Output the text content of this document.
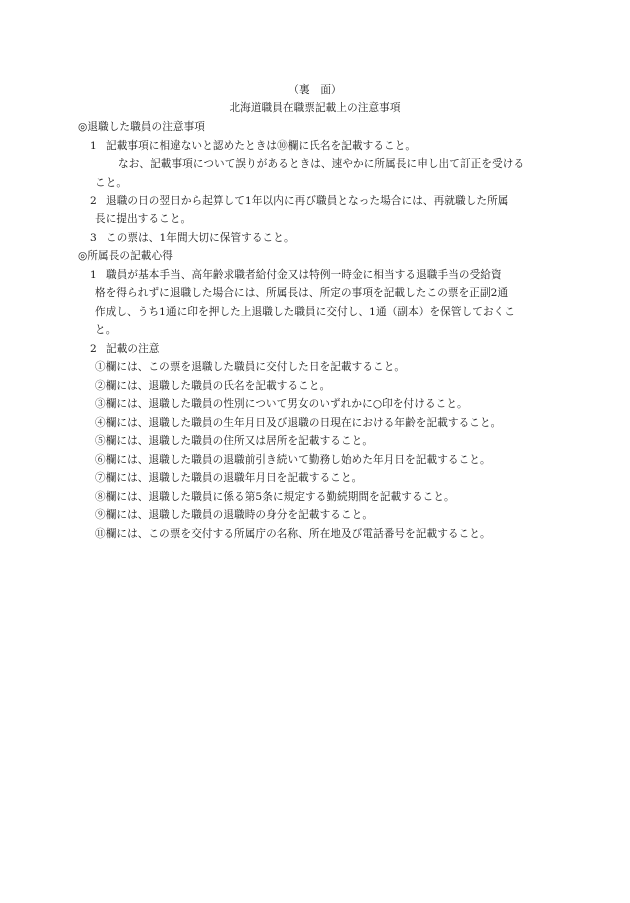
（裏　面）
北海道職員在職票記載上の注意事項
◎退職した職員の注意事項
1 記載事項に相違ないと認めたときは⑩欄に氏名を記載すること。
なお、記載事項について誤りがあるときは、速やかに所属長に申し出て訂正を受ける
こと。
2 退職の日の翌日から起算して1年以内に再び職員となった場合には、再就職した所属
長に提出すること。
3 この票は、1年間大切に保管すること。
◎所属長の記載心得
1 職員が基本手当、高年齢求職者給付金又は特例一時金に相当する退職手当の受給資
格を得られずに退職した場合には、所属長は、所定の事項を記載したこの票を正副2通
作成し、うち1通に印を押した上退職した職員に交付し、1通（副本）を保管しておくこ
と。
2 記載の注意
①欄には、この票を退職した職員に交付した日を記載すること。
②欄には、退職した職員の氏名を記載すること。
③欄には、退職した職員の性別について男女のいずれかに○印を付けること。
④欄には、退職した職員の生年月日及び退職の日現在における年齢を記載すること。
⑤欄には、退職した職員の住所又は居所を記載すること。
⑥欄には、退職した職員の退職前引き続いて勤務し始めた年月日を記載すること。
⑦欄には、退職した職員の退職年月日を記載すること。
⑧欄には、退職した職員に係る第5条に規定する勤続期間を記載すること。
⑨欄には、退職した職員の退職時の身分を記載すること。
⑪欄には、この票を交付する所属庁の名称、所在地及び電話番号を記載すること。
